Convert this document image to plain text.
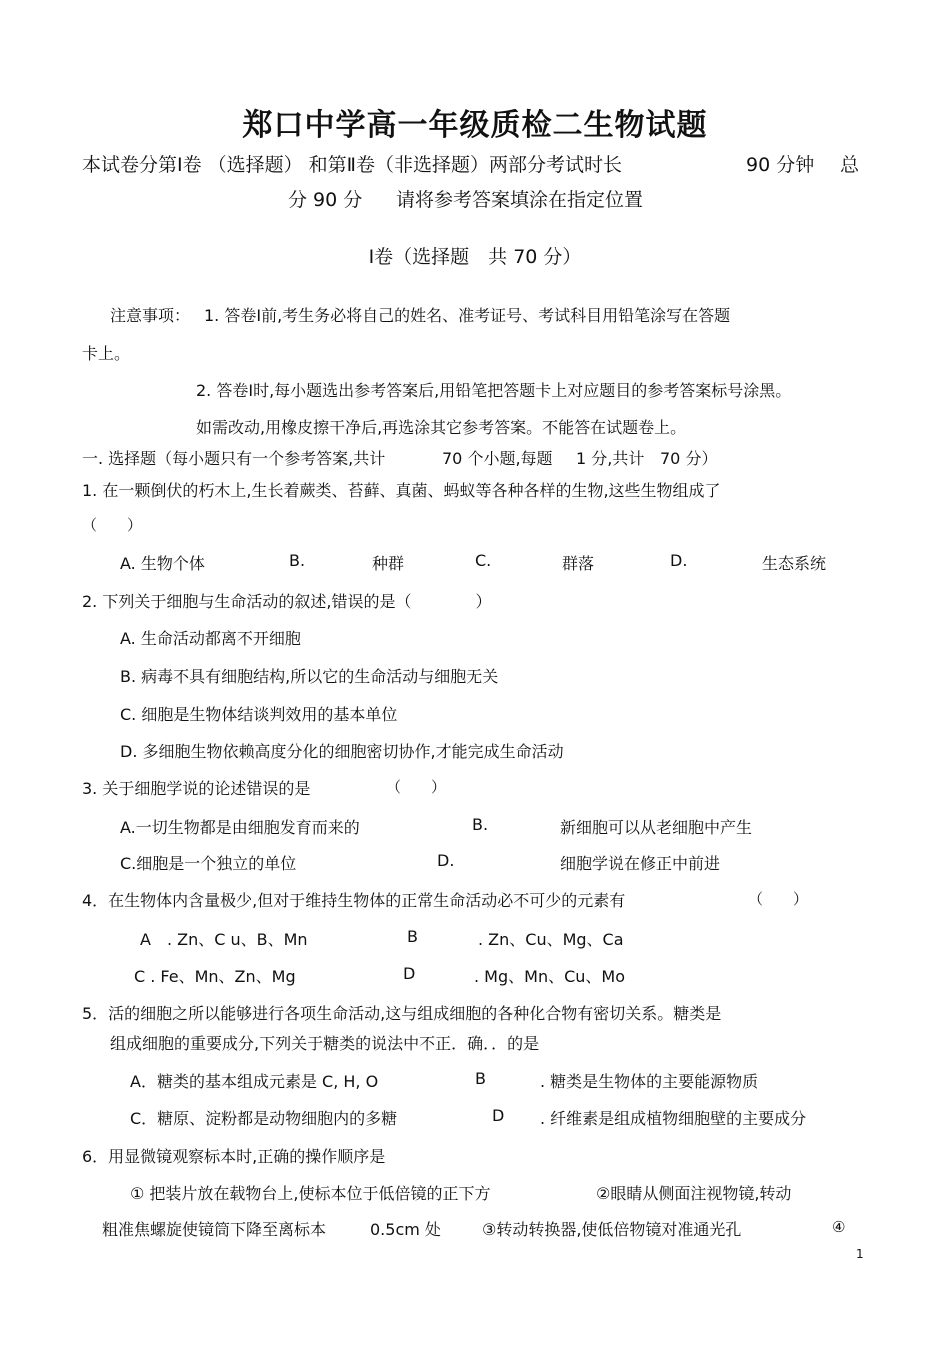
郑口中学高一年级质检二生物试题
本试卷分第Ⅰ卷 （选择题） 和第Ⅱ卷（非选择题）两部分考试时长	90 分钟 总
分 90 分 请将参考答案填涂在指定位置
Ⅰ卷（选择题　共 70 分）
注意事项： 1. 答卷Ⅰ前,考生务必将自己的姓名、准考证号、考试科目用铅笔涂写在答题
卡上。
2. 答卷Ⅰ时,每小题选出参考答案后,用铅笔把答题卡上对应题目的参考答案标号涂黑。
如需改动,用橡皮擦干净后,再选涂其它参考答案。不能答在试题卷上。
一. 选择题（每小题只有一个参考答案,共计	70 个小题,每题 1 分,共计 70 分）
1. 在一颗倒伏的朽木上,生长着蕨类、苔藓、真菌、蚂蚁等各种各样的生物,这些生物组成了
（　　）
A. 生物个体	B.	种群	C.	群落	D.	生态系统
2. 下列关于细胞与生命活动的叙述,错误的是（　　　　）
A. 生命活动都离不开细胞
B. 病毒不具有细胞结构,所以它的生命活动与细胞无关
C. 细胞是生物体结谈判效用的基本单位
D. 多细胞生物依赖高度分化的细胞密切协作,才能完成生命活动
3. 关于细胞学说的论述错误的是	（　　）
A.一切生物都是由细胞发育而来的	B.	新细胞可以从老细胞中产生
C.细胞是一个独立的单位	D.	细胞学说在修正中前进
4．在生物体内含量极少,但对于维持生物体的正常生命活动必不可少的元素有	（　　）
A　. Zn、C u、B、Mn	B	. Zn、Cu、Mg、Ca
C . Fe、Mn、Zn、Mg	D	. Mg、Mn、Cu、Mo
5．活的细胞之所以能够进行各项生命活动,这与组成细胞的各种化合物有密切关系。糖类是
组成细胞的重要成分,下列关于糖类的说法中不正．确．．的是
A．糖类的基本组成元素是 C, H, O	B	. 糖类是生物体的主要能源物质
C．糖原、淀粉都是动物细胞内的多糖	D . 纤维素是组成植物细胞壁的主要成分
6．用显微镜观察标本时,正确的操作顺序是
① 把装片放在载物台上,使标本位于低倍镜的正下方	②眼睛从侧面注视物镜,转动
粗准焦螺旋使镜筒下降至离标本	0.5cm 处	③转动转换器,使低倍物镜对准通光孔	④
1
